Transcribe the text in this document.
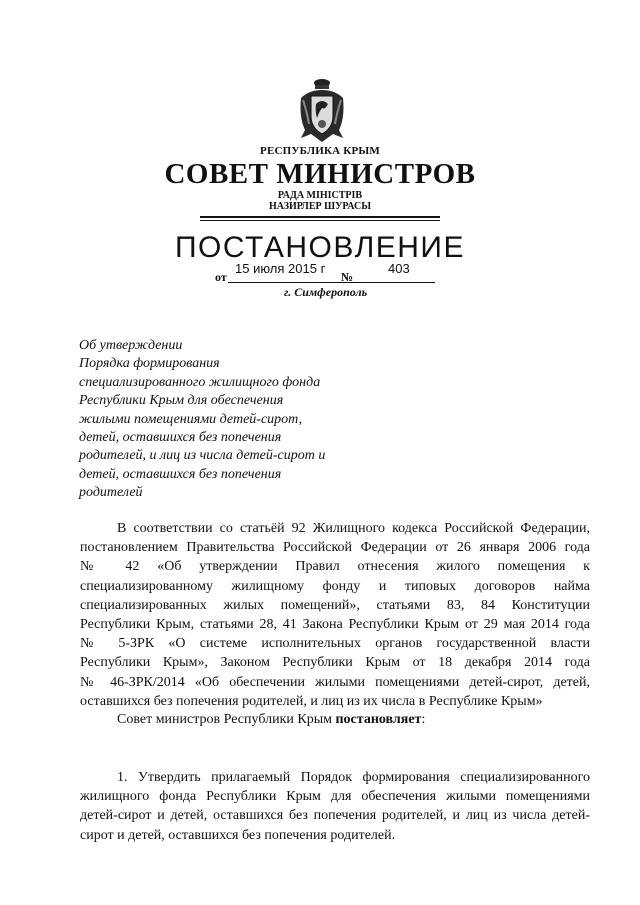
РЕСПУБЛИКА КРЫМ
СОВЕТ МИНИСТРОВ
РАДА МІНІСТРІВ
НАЗИРЛЕР ШУРАСЫ
ПОСТАНОВЛЕНИЕ
от
15 июля 2015 г
№
403
г. Симферополь
Об утверждении
Порядка формирования
специализированного жилищного фонда
Республики Крым для обеспечения
жилыми помещениями детей-сирот,
детей, оставшихся без попечения
родителей, и лиц из числа детей-сирот и
детей, оставшихся без попечения
родителей
В соответствии со статьёй 92 Жилищного кодекса Российской Федерации,
постановлением Правительства Российской Федерации от 26 января 2006 года
№ 42 «Об утверждении Правил отнесения жилого помещения к
специализированному жилищному фонду и типовых договоров найма
специализированных жилых помещений», статьями 83, 84 Конституции
Республики Крым, статьями 28, 41 Закона Республики Крым от 29 мая 2014 года
№ 5-ЗРК «О системе исполнительных органов государственной власти
Республики Крым», Законом Республики Крым от 18 декабря 2014 года
№ 46-ЗРК/2014 «Об обеспечении жилыми помещениями детей-сирот, детей,
оставшихся без попечения родителей, и лиц из их числа в Республике Крым»
Совет министров Республики Крым постановляет:
1. Утвердить прилагаемый Порядок формирования специализированного
жилищного фонда Республики Крым для обеспечения жилыми помещениями
детей-сирот и детей, оставшихся без попечения родителей, и лиц из числа детей-
сирот и детей, оставшихся без попечения родителей.
